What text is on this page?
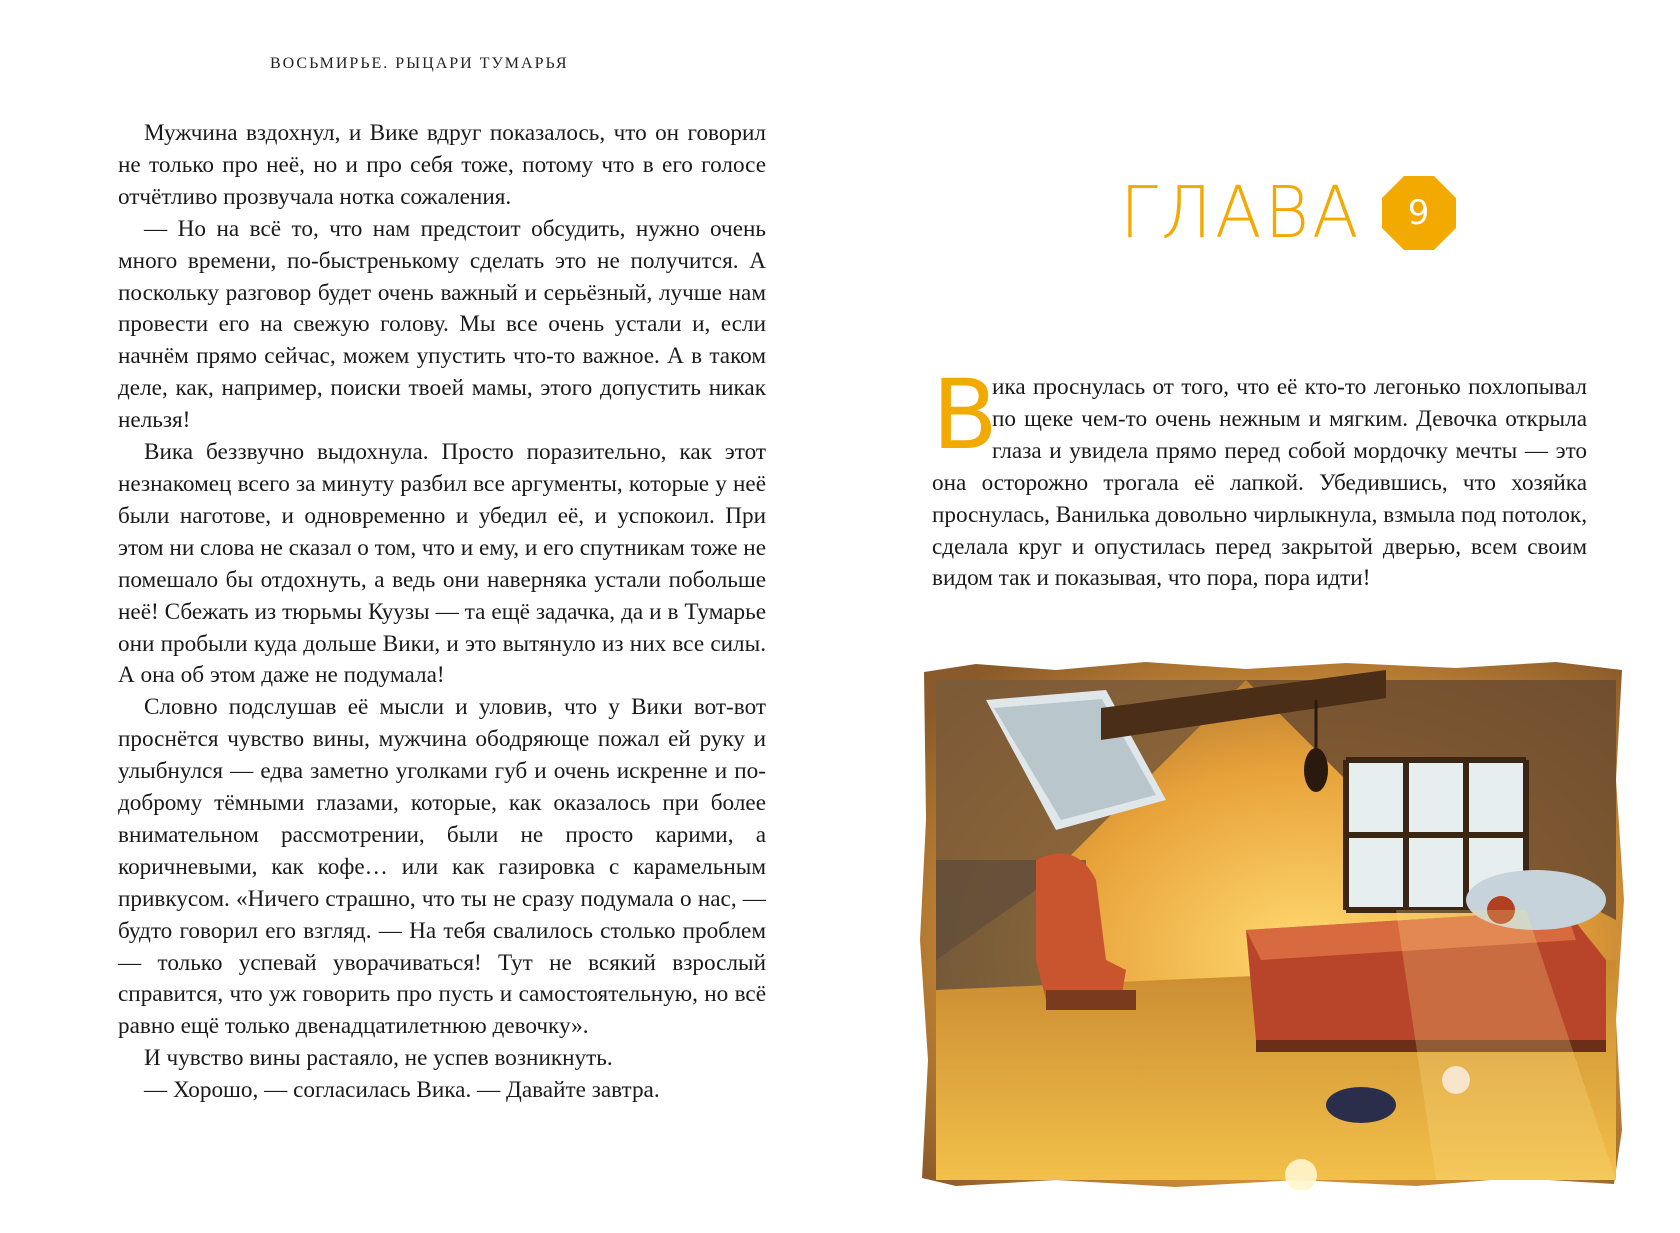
ВОСЬМИРЬЕ. РЫЦАРИ ТУМАРЬЯ

Мужчина вздохнул, и Вике вдруг показалось, что он говорил не только про неё, но и про себя тоже, потому что в его голосе отчётливо прозвучала нотка сожаления.

— Но на всё то, что нам предстоит обсудить, нужно очень много времени, по-быстренькому сделать это не получится. А поскольку разговор будет очень важный и серьёзный, лучше нам провести его на свежую голову. Мы все очень устали и, если начнём прямо сейчас, можем упустить что-то важное. А в таком деле, как, например, поиски твоей мамы, этого допустить никак нельзя!

Вика беззвучно выдохнула. Просто поразительно, как этот незнакомец всего за минуту разбил все аргументы, которые у неё были наготове, и одновременно и убедил её, и успокоил. При этом ни слова не сказал о том, что и ему, и его спутникам тоже не помешало бы отдохнуть, а ведь они наверняка устали побольше неё! Сбежать из тюрьмы Куузы — та ещё задачка, да и в Тумарье они пробыли куда дольше Вики, и это вытянуло из них все силы. А она об этом даже не подумала!

Словно подслушав её мысли и уловив, что у Вики вот-вот проснётся чувство вины, мужчина ободряюще пожал ей руку и улыбнулся — едва заметно уголками губ и очень искренне и по-доброму тёмными глазами, которые, как оказалось при более внимательном рассмотрении, были не просто карими, а коричневыми, как кофе… или как газировка с карамельным привкусом. «Ничего страшно, что ты не сразу подумала о нас, — будто говорил его взгляд. — На тебя свалилось столько проблем — только успевай уворачиваться! Тут не всякий взрослый справится, что уж говорить про пусть и самостоятельную, но всё равно ещё только двенадцатилетнюю девочку».

И чувство вины растаяло, не успев возникнуть.

— Хорошо, — согласилась Вика. — Давайте завтра.

ГЛАВА	9
В
ика проснулась от того, что её кто-то легонько похлопывал по щеке чем-то очень нежным и мягким. Девочка открыла глаза и увидела прямо перед собой мордочку мечты — это она осторожно трогала её лапкой. Убедившись, что хозяйка проснулась, Ванилька довольно чирлыкнула, взмыла под потолок, сделала круг и опустилась перед закрытой дверью, всем своим видом так и показывая, что пора, пора идти!
